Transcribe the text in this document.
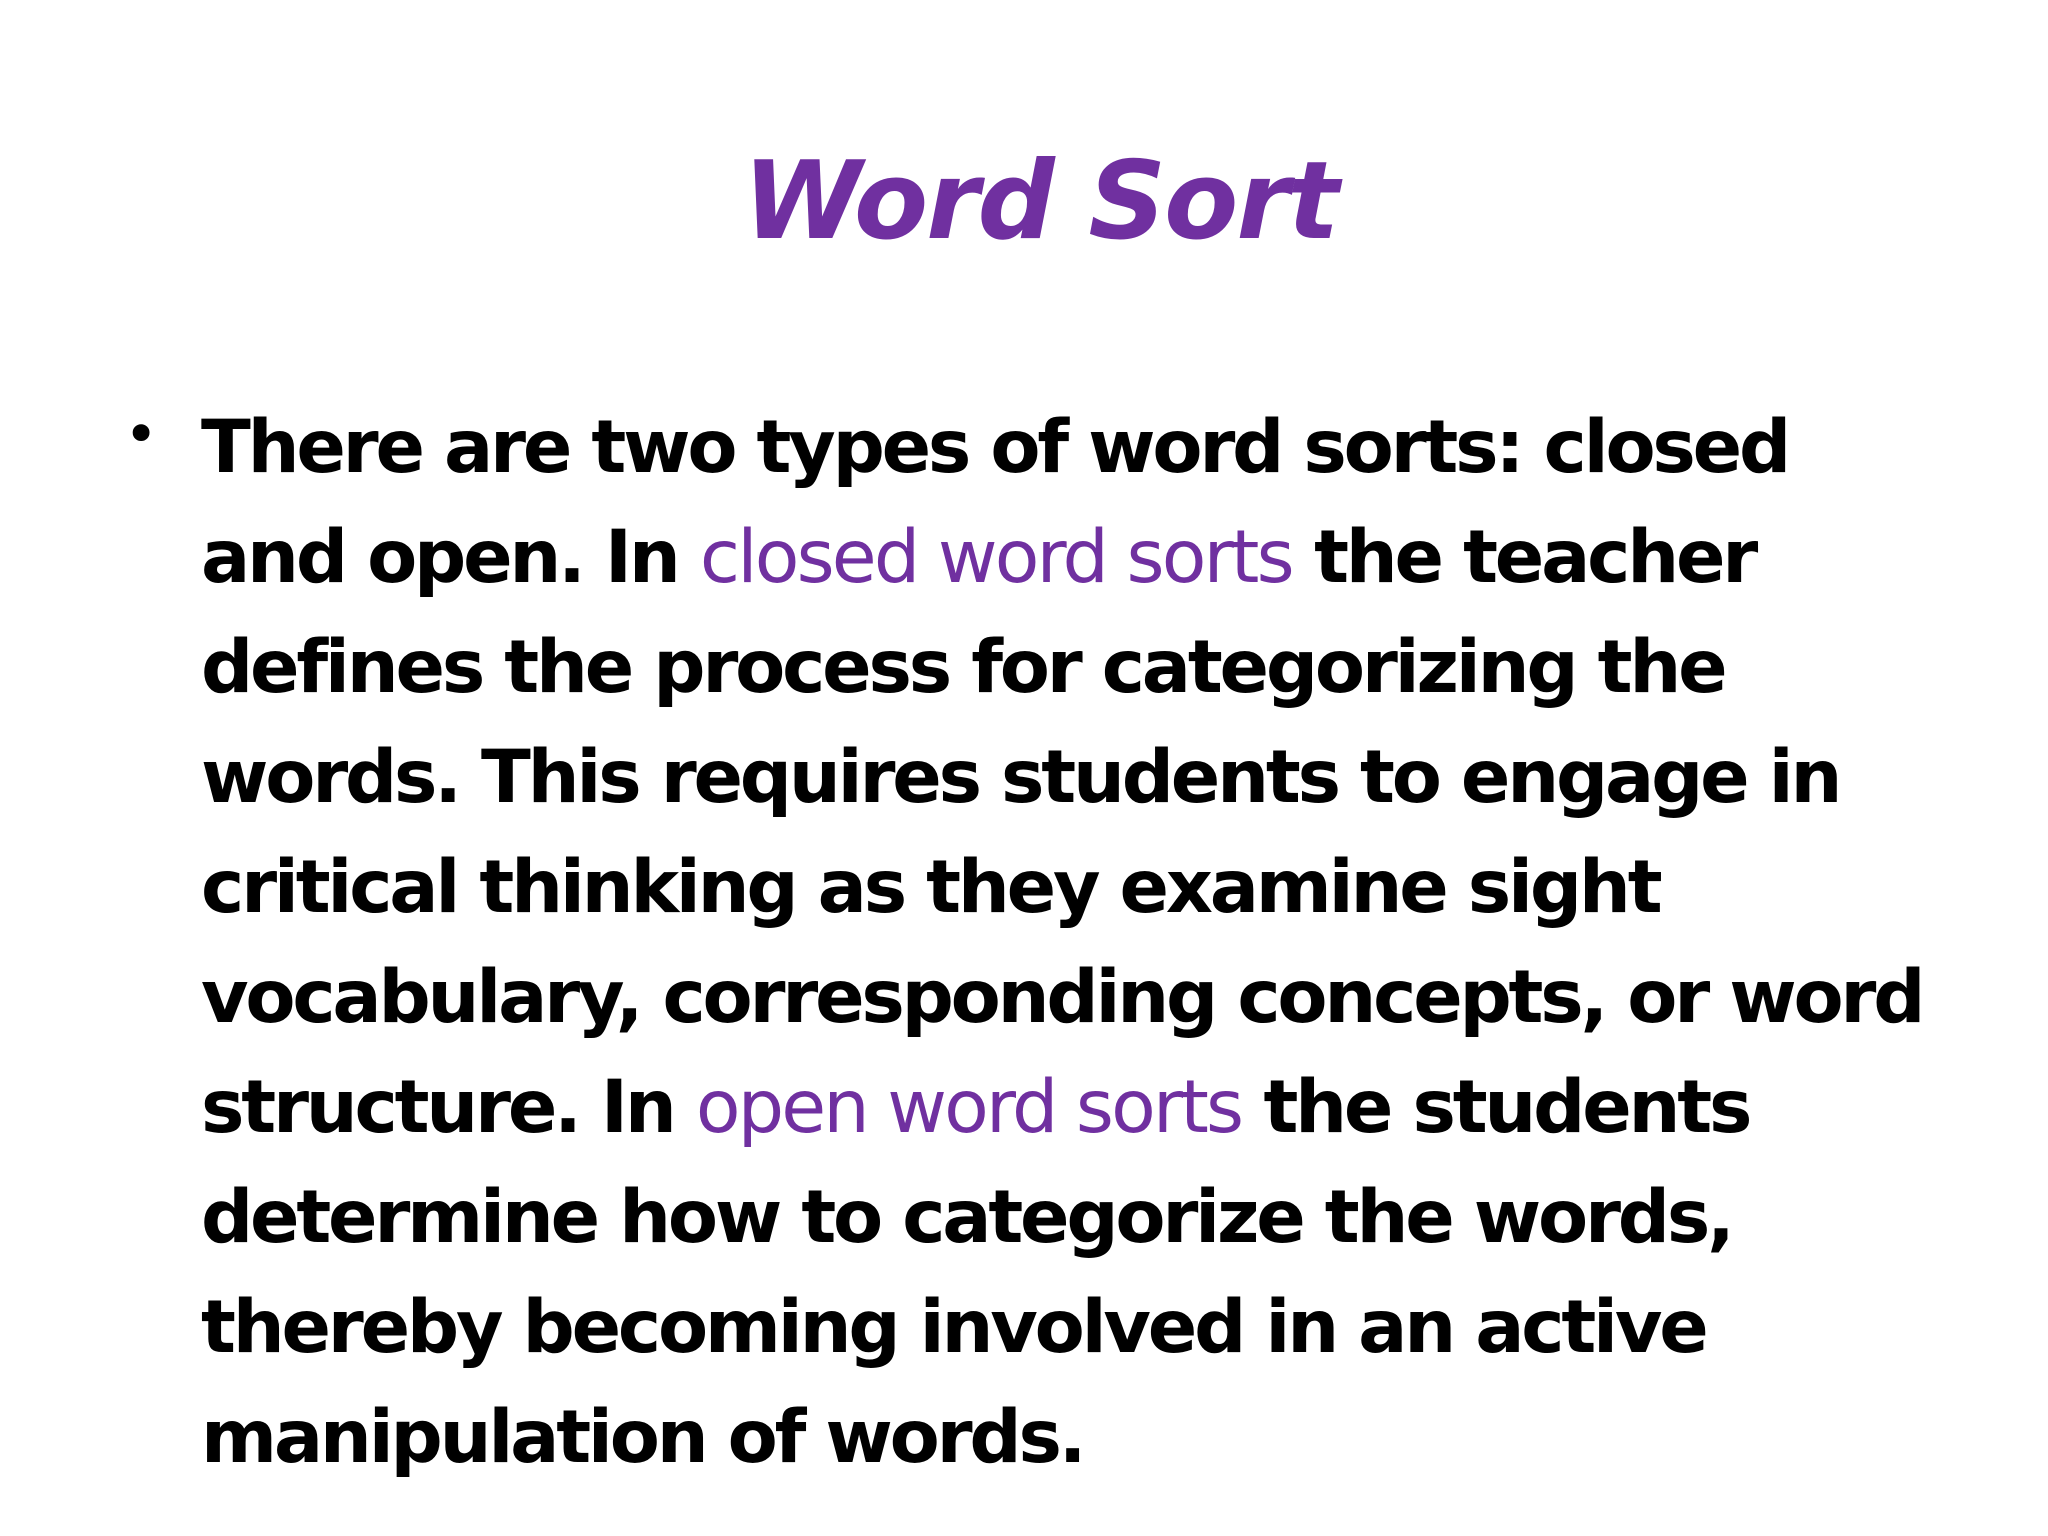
Word Sort
• There are two types of word sorts: closed
and open. In closed word sorts the teacher
defines the process for categorizing the
words. This requires students to engage in
critical thinking as they examine sight
vocabulary, corresponding concepts, or word
structure. In open word sorts the students
determine how to categorize the words,
thereby becoming involved in an active
manipulation of words.
